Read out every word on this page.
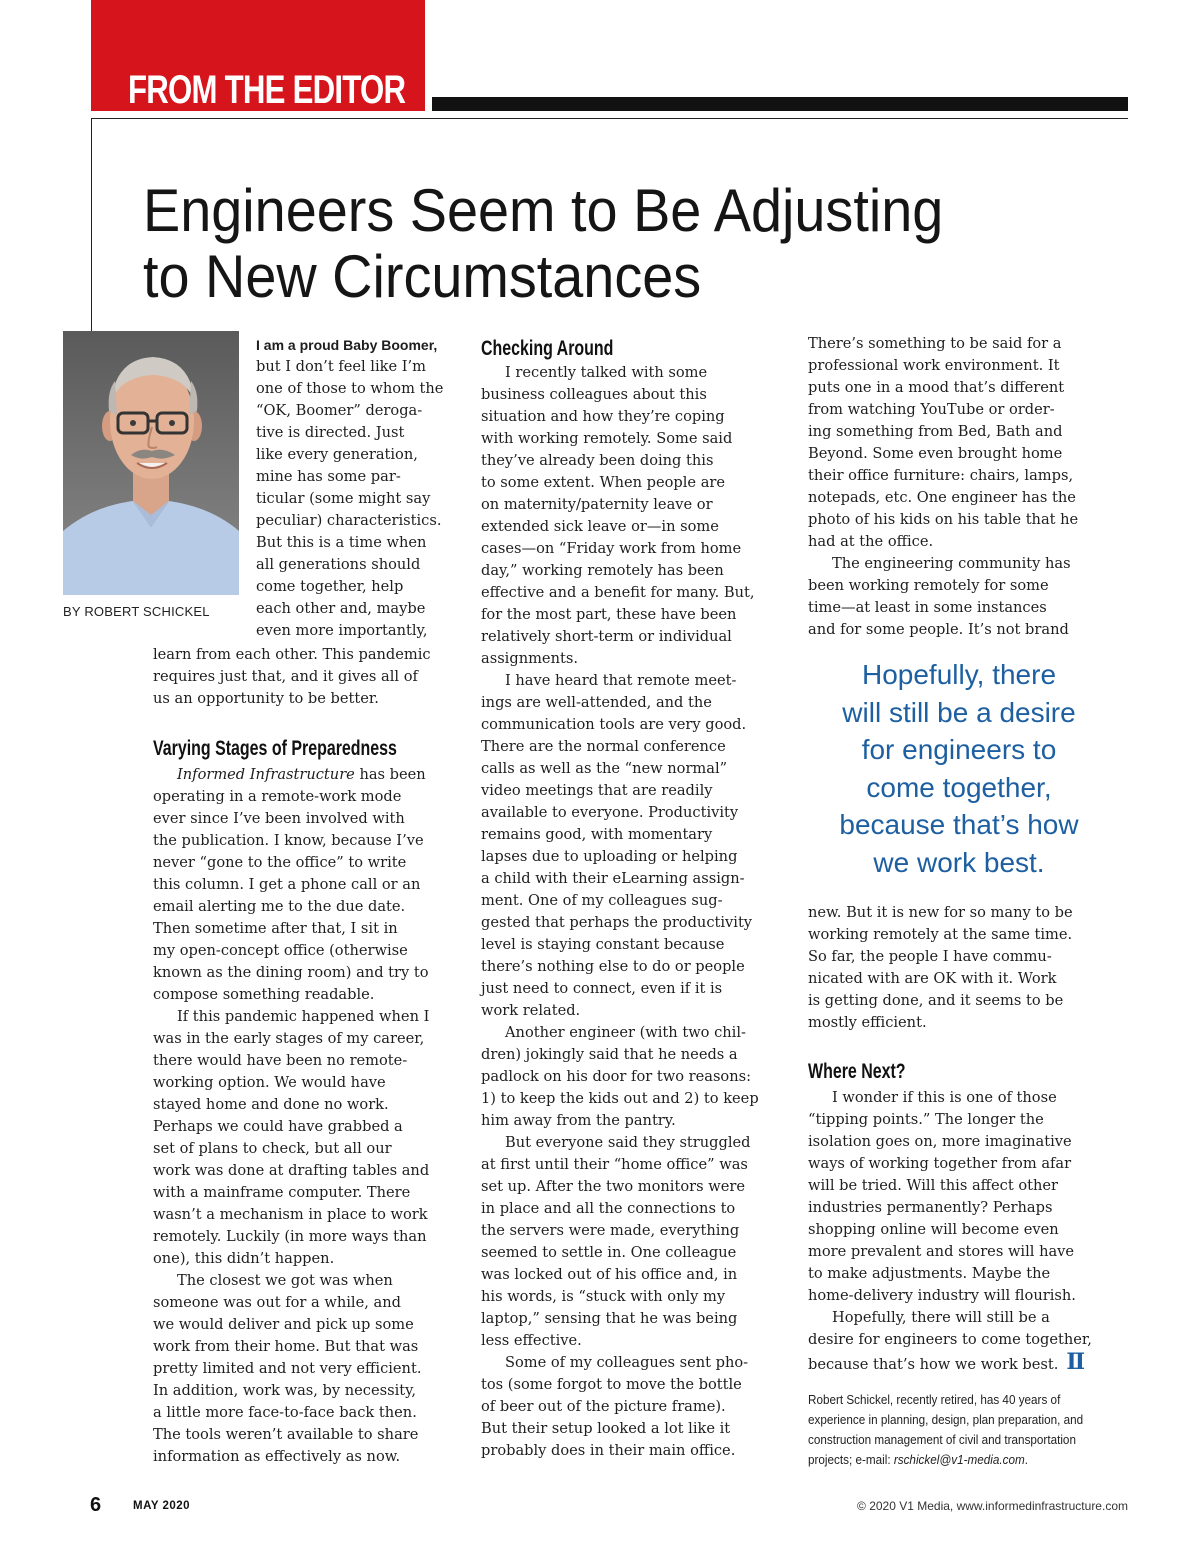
FROM THE EDITOR
Engineers Seem to Be Adjusting
to New Circumstances
BY ROBERT SCHICKEL
I am a proud Baby Boomer,
but I don’t feel like I’m
one of those to whom the
“OK, Boomer” deroga-
tive is directed. Just
like every generation,
mine has some par-
ticular (some might say
peculiar) characteristics.
But this is a time when
all generations should
come together, help
each other and, maybe
even more importantly,
learn from each other. This pandemic
requires just that, and it gives all of
us an opportunity to be better.
Varying Stages of Preparedness
Informed Infrastructure has been
operating in a remote-work mode
ever since I’ve been involved with
the publication. I know, because I’ve
never “gone to the office” to write
this column. I get a phone call or an
email alerting me to the due date.
Then sometime after that, I sit in
my open-concept office (otherwise
known as the dining room) and try to
compose something readable.
If this pandemic happened when I
was in the early stages of my career,
there would have been no remote-
working option. We would have
stayed home and done no work.
Perhaps we could have grabbed a
set of plans to check, but all our
work was done at drafting tables and
with a mainframe computer. There
wasn’t a mechanism in place to work
remotely. Luckily (in more ways than
one), this didn’t happen.
The closest we got was when
someone was out for a while, and
we would deliver and pick up some
work from their home. But that was
pretty limited and not very efficient.
In addition, work was, by necessity,
a little more face-to-face back then.
The tools weren’t available to share
information as effectively as now.
Checking Around
I recently talked with some
business colleagues about this
situation and how they’re coping
with working remotely. Some said
they’ve already been doing this
to some extent. When people are
on maternity/paternity leave or
extended sick leave or—in some
cases—on “Friday work from home
day,” working remotely has been
effective and a benefit for many. But,
for the most part, these have been
relatively short-term or individual
assignments.
I have heard that remote meet-
ings are well-attended, and the
communication tools are very good.
There are the normal conference
calls as well as the “new normal”
video meetings that are readily
available to everyone. Productivity
remains good, with momentary
lapses due to uploading or helping
a child with their eLearning assign-
ment. One of my colleagues sug-
gested that perhaps the productivity
level is staying constant because
there’s nothing else to do or people
just need to connect, even if it is
work related.
Another engineer (with two chil-
dren) jokingly said that he needs a
padlock on his door for two reasons:
1) to keep the kids out and 2) to keep
him away from the pantry.
But everyone said they struggled
at first until their “home office” was
set up. After the two monitors were
in place and all the connections to
the servers were made, everything
seemed to settle in. One colleague
was locked out of his office and, in
his words, is “stuck with only my
laptop,” sensing that he was being
less effective.
Some of my colleagues sent pho-
tos (some forgot to move the bottle
of beer out of the picture frame).
But their setup looked a lot like it
probably does in their main office.
There’s something to be said for a
professional work environment. It
puts one in a mood that’s different
from watching YouTube or order-
ing something from Bed, Bath and
Beyond. Some even brought home
their office furniture: chairs, lamps,
notepads, etc. One engineer has the
photo of his kids on his table that he
had at the office.
The engineering community has
been working remotely for some
time—at least in some instances
and for some people. It’s not brand
Hopefully, there
will still be a desire
for engineers to
come together,
because that’s how
we work best.
new. But it is new for so many to be
working remotely at the same time.
So far, the people I have commu-
nicated with are OK with it. Work
is getting done, and it seems to be
mostly efficient.
Where Next?
I wonder if this is one of those
“tipping points.” The longer the
isolation goes on, more imaginative
ways of working together from afar
will be tried. Will this affect other
industries permanently? Perhaps
shopping online will become even
more prevalent and stores will have
to make adjustments. Maybe the
home-delivery industry will flourish.
Hopefully, there will still be a
desire for engineers to come together,
because that’s how we work best. II
Robert Schickel, recently retired, has 40 years of
experience in planning, design, plan preparation, and
construction management of civil and transportation
projects; e-mail: rschickel@v1-media.com.
6	MAY 2020	© 2020 V1 Media, www.informedinfrastructure.com
